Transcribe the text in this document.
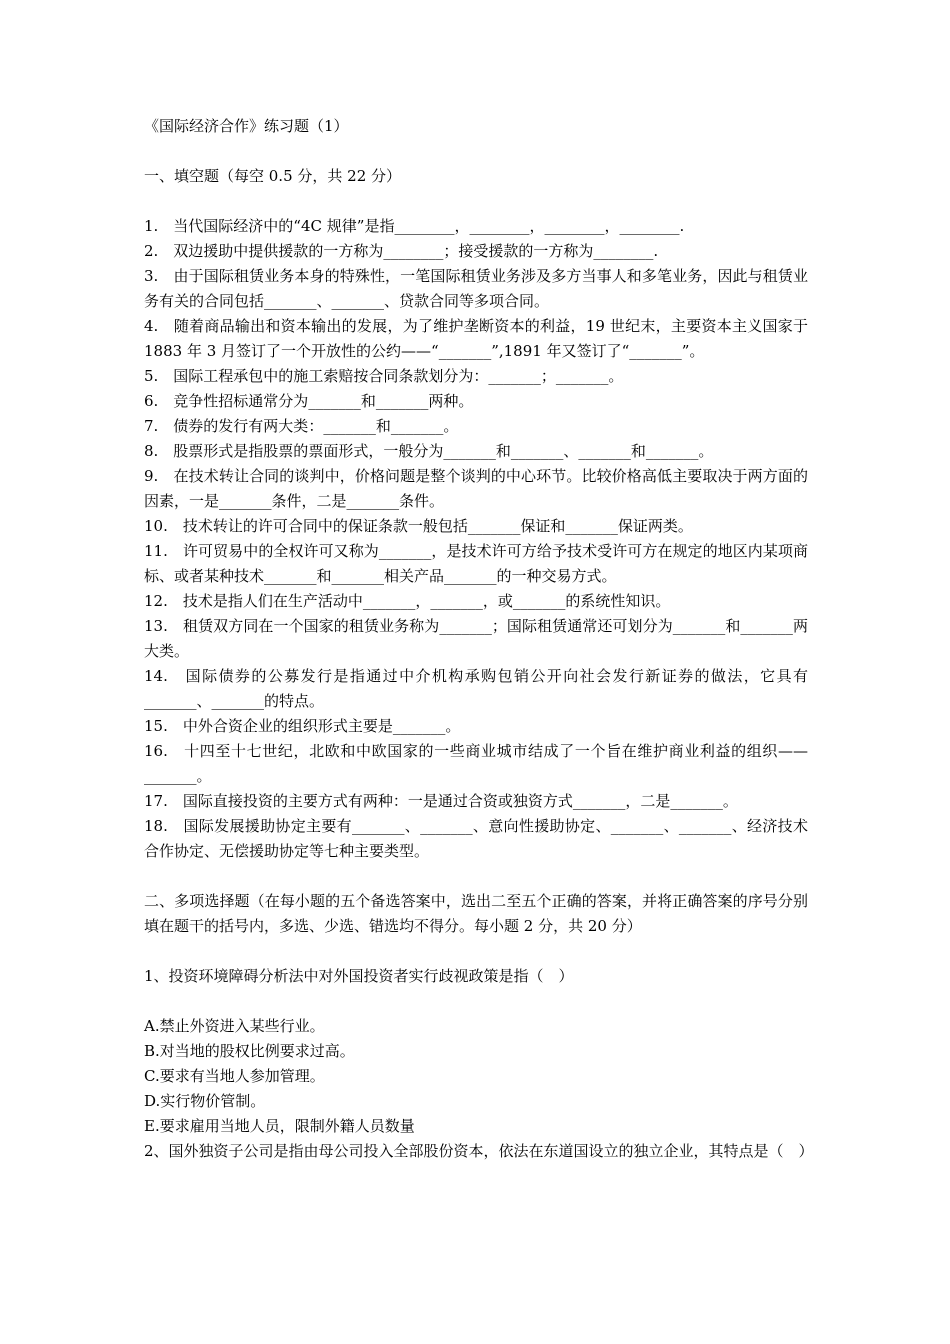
《国际经济合作》练习题（1）

一、填空题（每空 0.5 分，共 22 分）

1.　当代国际经济中的“4C 规律”是指________，________，________，________.

2.　双边援助中提供援款的一方称为________；接受援款的一方称为________.

3.　由于国际租赁业务本身的特殊性，一笔国际租赁业务涉及多方当事人和多笔业务，因此与租赁业务有关的合同包括_______、_______、贷款合同等多项合同。

4.　随着商品输出和资本输出的发展，为了维护垄断资本的利益，19 世纪末，主要资本主义国家于 1883 年 3 月签订了一个开放性的公约——“_______”,1891 年又签订了“_______”。

5.　国际工程承包中的施工索赔按合同条款划分为：_______；_______。

6.　竞争性招标通常分为_______和_______两种。

7.　债券的发行有两大类：_______和_______。

8.　股票形式是指股票的票面形式，一般分为_______和_______、_______和_______。

9.　在技术转让合同的谈判中，价格问题是整个谈判的中心环节。比较价格高低主要取决于两方面的因素，一是_______条件，二是_______条件。

10.　技术转让的许可合同中的保证条款一般包括_______保证和_______保证两类。

11.　许可贸易中的全权许可又称为_______，是技术许可方给予技术受许可方在规定的地区内某项商标、或者某种技术_______和_______相关产品_______的一种交易方式。

12.　技术是指人们在生产活动中_______，_______，或_______的系统性知识。

13.　租赁双方同在一个国家的租赁业务称为_______；国际租赁通常还可划分为_______和_______两大类。

14.　国际债券的公募发行是指通过中介机构承购包销公开向社会发行新证券的做法，它具有_______、_______的特点。

15.　中外合资企业的组织形式主要是_______。

16.　十四至十七世纪，北欧和中欧国家的一些商业城市结成了一个旨在维护商业利益的组织——_______。

17.　国际直接投资的主要方式有两种：一是通过合资或独资方式_______，二是_______。

18.　国际发展援助协定主要有_______、_______、意向性援助协定、_______、_______、经济技术合作协定、无偿援助协定等七种主要类型。

二、多项选择题（在每小题的五个备选答案中，选出二至五个正确的答案，并将正确答案的序号分别填在题干的括号内，多选、少选、错选均不得分。每小题 2 分，共 20 分）

1、投资环境障碍分析法中对外国投资者实行歧视政策是指（　）

A.禁止外资进入某些行业。

B.对当地的股权比例要求过高。

C.要求有当地人参加管理。

D.实行物价管制。

E.要求雇用当地人员，限制外籍人员数量

2、国外独资子公司是指由母公司投入全部股份资本，依法在东道国设立的独立企业，其特点是（　）
